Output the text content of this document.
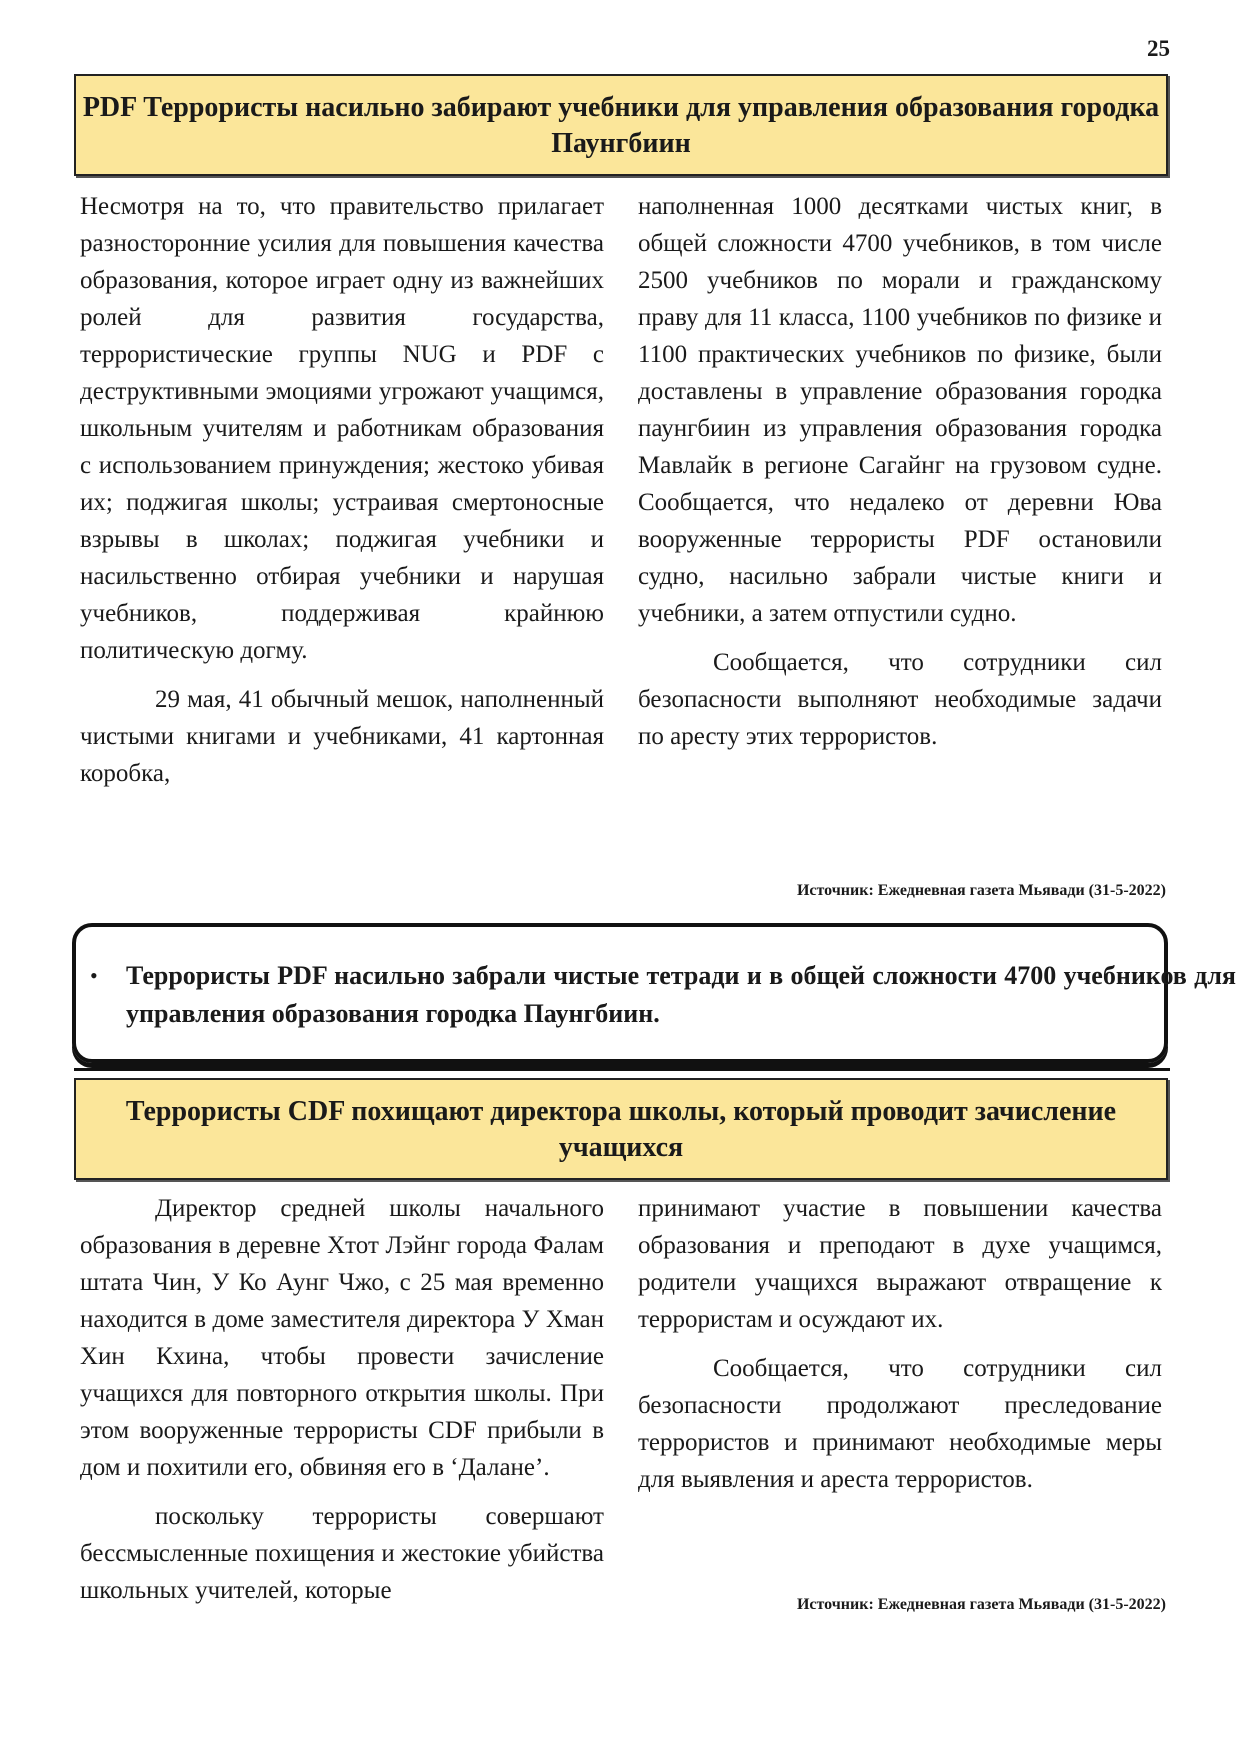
25
PDF Террористы насильно забирают учебники для управления образования городка Паунгбиин

Несмотря на то, что правительство прилагает разносторонние усилия для повышения качества образования, которое играет одну из важнейших ролей для развития государства, террористические группы NUG и PDF с деструктивными эмоциями угрожают учащимся, школьным учителям и работникам образования с использованием принуждения; жестоко убивая их; поджигая школы; устраивая смертоносные взрывы в школах; поджигая учебники и насильственно отбирая учебники и нарушая учебников, поддерживая крайнюю политическую догму.

29 мая, 41 обычный мешок, наполненный чистыми книгами и учебниками, 41 картонная коробка,

наполненная 1000 десятками чистых книг, в общей сложности 4700 учебников, в том числе 2500 учебников по морали и гражданскому праву для 11 класса, 1100 учебников по физике и 1100 практических учебников по физике, были доставлены в управление образования городка паунгбиин из управления образования городка Мавлайк в регионе Сагайнг на грузовом судне. Сообщается, что недалеко от деревни Юва вооруженные террористы PDF остановили судно, насильно забрали чистые книги и учебники, а затем отпустили судно.

Сообщается, что сотрудники сил безопасности выполняют необходимые задачи по аресту этих террористов.

Источник: Ежедневная газета Мьявади (31-5-2022)
• Террористы PDF насильно забрали чистые тетради и в общей сложности 4700 учебников для управления образования городка Паунгбиин.
Террористы CDF похищают директора школы, который проводит зачисление учащихся

Директор средней школы начального образования в деревне Хтот Лэйнг города Фалам штата Чин, У Ко Аунг Чжо, с 25 мая временно находится в доме заместителя директора У Хман Хин Кхина, чтобы провести зачисление учащихся для повторного открытия школы. При этом вооруженные террористы CDF прибыли в дом и похитили его, обвиняя его в ‘Далане’.

поскольку террористы совершают бессмысленные похищения и жестокие убийства школьных учителей, которые

принимают участие в повышении качества образования и преподают в духе учащимся, родители учащихся выражают отвращение к террористам и осуждают их.

Сообщается, что сотрудники сил безопасности продолжают преследование террористов и принимают необходимые меры для выявления и ареста террористов.

Источник: Ежедневная газета Мьявади (31-5-2022)
